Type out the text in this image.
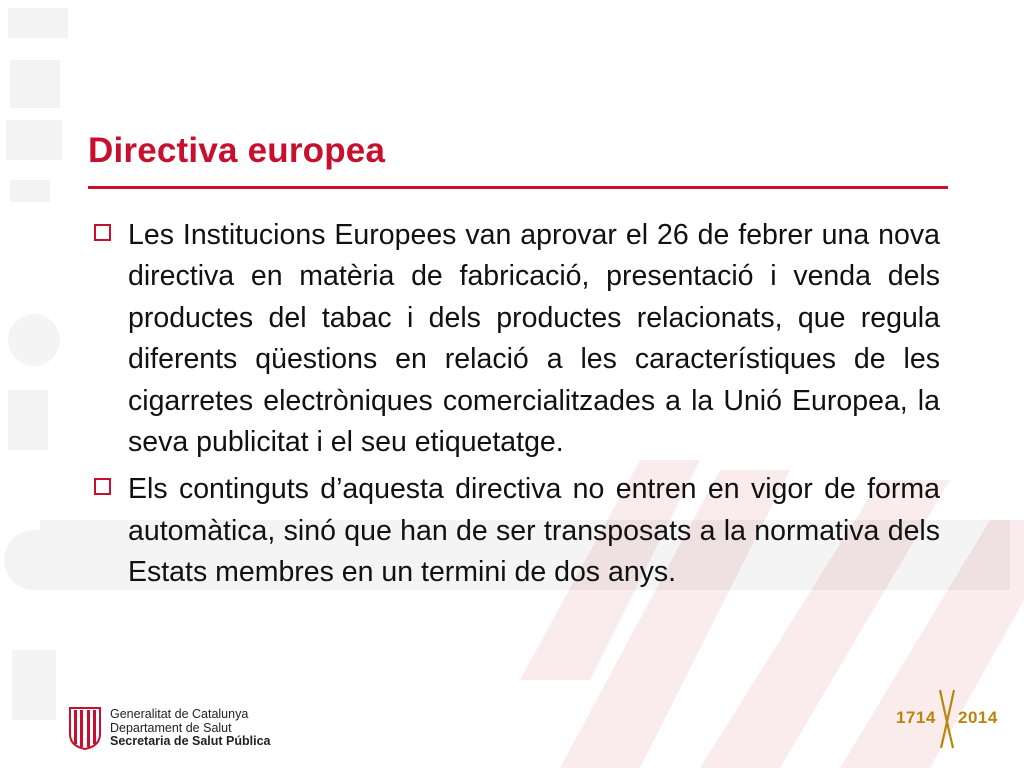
Directiva europea
Les Institucions Europees van aprovar el 26 de febrer una nova directiva en matèria de fabricació, presentació i venda dels productes del tabac i dels productes relacionats, que regula diferents qüestions en relació a les característiques de les cigarretes electròniques comercialitzades a la Unió Europea, la seva publicitat i el seu etiquetatge.
Els continguts d’aquesta directiva no entren en vigor de forma automàtica, sinó que han de ser transposats a la normativa dels Estats membres en un termini de dos anys.
Generalitat de Catalunya
Departament de Salut
Secretaria de Salut Pública
1714 2014
